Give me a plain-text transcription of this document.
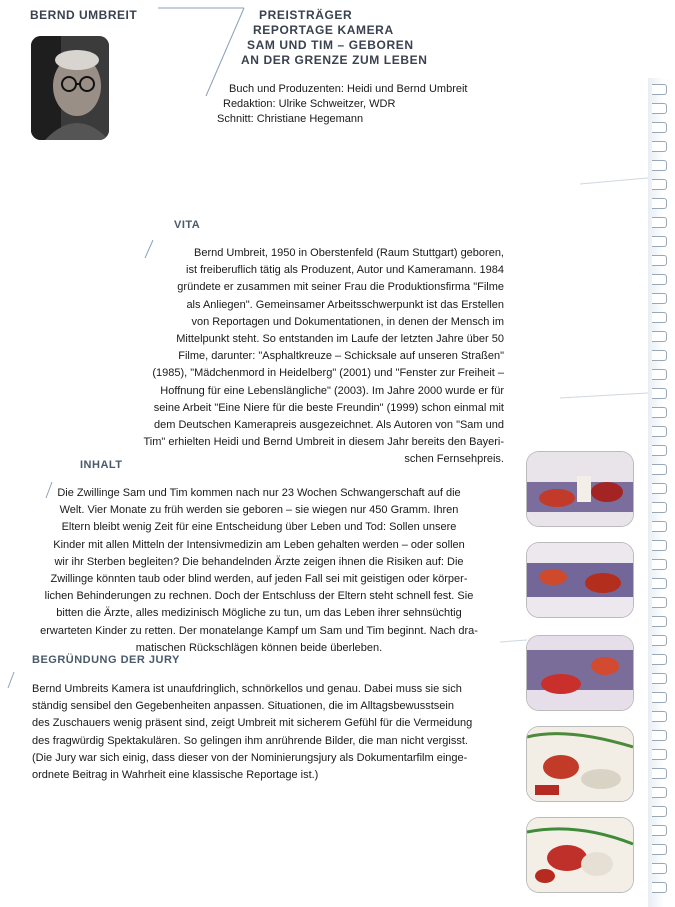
BERND UMBREIT	PREISTRÄGER
REPORTAGE KAMERA
SAM UND TIM – GEBOREN
AN DER GRENZE ZUM LEBEN
Buch und Produzenten: Heidi und Bernd Umbreit
Redaktion: Ulrike Schweitzer, WDR
Schnitt: Christiane Hegemann
VITA

Bernd Umbreit, 1950 in Oberstenfeld (Raum Stuttgart) geboren,

ist freiberuflich tätig als Produzent, Autor und Kameramann. 1984

gründete er zusammen mit seiner Frau die Produktionsfirma "Filme

als Anliegen". Gemeinsamer Arbeitsschwerpunkt ist das Erstellen

von Reportagen und Dokumentationen, in denen der Mensch im

Mittelpunkt steht. So entstanden im Laufe der letzten Jahre über 50

Filme, darunter: "Asphaltkreuze – Schicksale auf unseren Straßen"

(1985), "Mädchenmord in Heidelberg" (2001) und "Fenster zur Freiheit –

Hoffnung für eine Lebenslängliche" (2003). Im Jahre 2000 wurde er für

seine Arbeit "Eine Niere für die beste Freundin" (1999) schon einmal mit

dem Deutschen Kamerapreis ausgezeichnet. Als Autoren von "Sam und

Tim" erhielten Heidi und Bernd Umbreit in diesem Jahr bereits den Bayeri-

schen Fernsehpreis.

INHALT

Die Zwillinge Sam und Tim kommen nach nur 23 Wochen Schwangerschaft auf die

Welt. Vier Monate zu früh werden sie geboren – sie wiegen nur 450 Gramm. Ihren

Eltern bleibt wenig Zeit für eine Entscheidung über Leben und Tod: Sollen unsere

Kinder mit allen Mitteln der Intensivmedizin am Leben gehalten werden – oder sollen

wir ihr Sterben begleiten? Die behandelnden Ärzte zeigen ihnen die Risiken auf: Die

Zwillinge könnten taub oder blind werden, auf jeden Fall sei mit geistigen oder körper-

lichen Behinderungen zu rechnen. Doch der Entschluss der Eltern steht schnell fest. Sie

bitten die Ärzte, alles medizinisch Mögliche zu tun, um das Leben ihrer sehnsüchtig

erwarteten Kinder zu retten. Der monatelange Kampf um Sam und Tim beginnt. Nach dra-

matischen Rückschlägen können beide überleben.

BEGRÜNDUNG DER JURY

Bernd Umbreits Kamera ist unaufdringlich, schnörkellos und genau. Dabei muss sie sich

ständig sensibel den Gegebenheiten anpassen. Situationen, die im Alltagsbewusstsein

des Zuschauers wenig präsent sind, zeigt Umbreit mit sicherem Gefühl für die Vermeidung

des fragwürdig Spektakulären. So gelingen ihm anrührende Bilder, die man nicht vergisst.

(Die Jury war sich einig, dass dieser von der Nominierungsjury als Dokumentarfilm einge-

ordnete Beitrag in Wahrheit eine klassische Reportage ist.)
